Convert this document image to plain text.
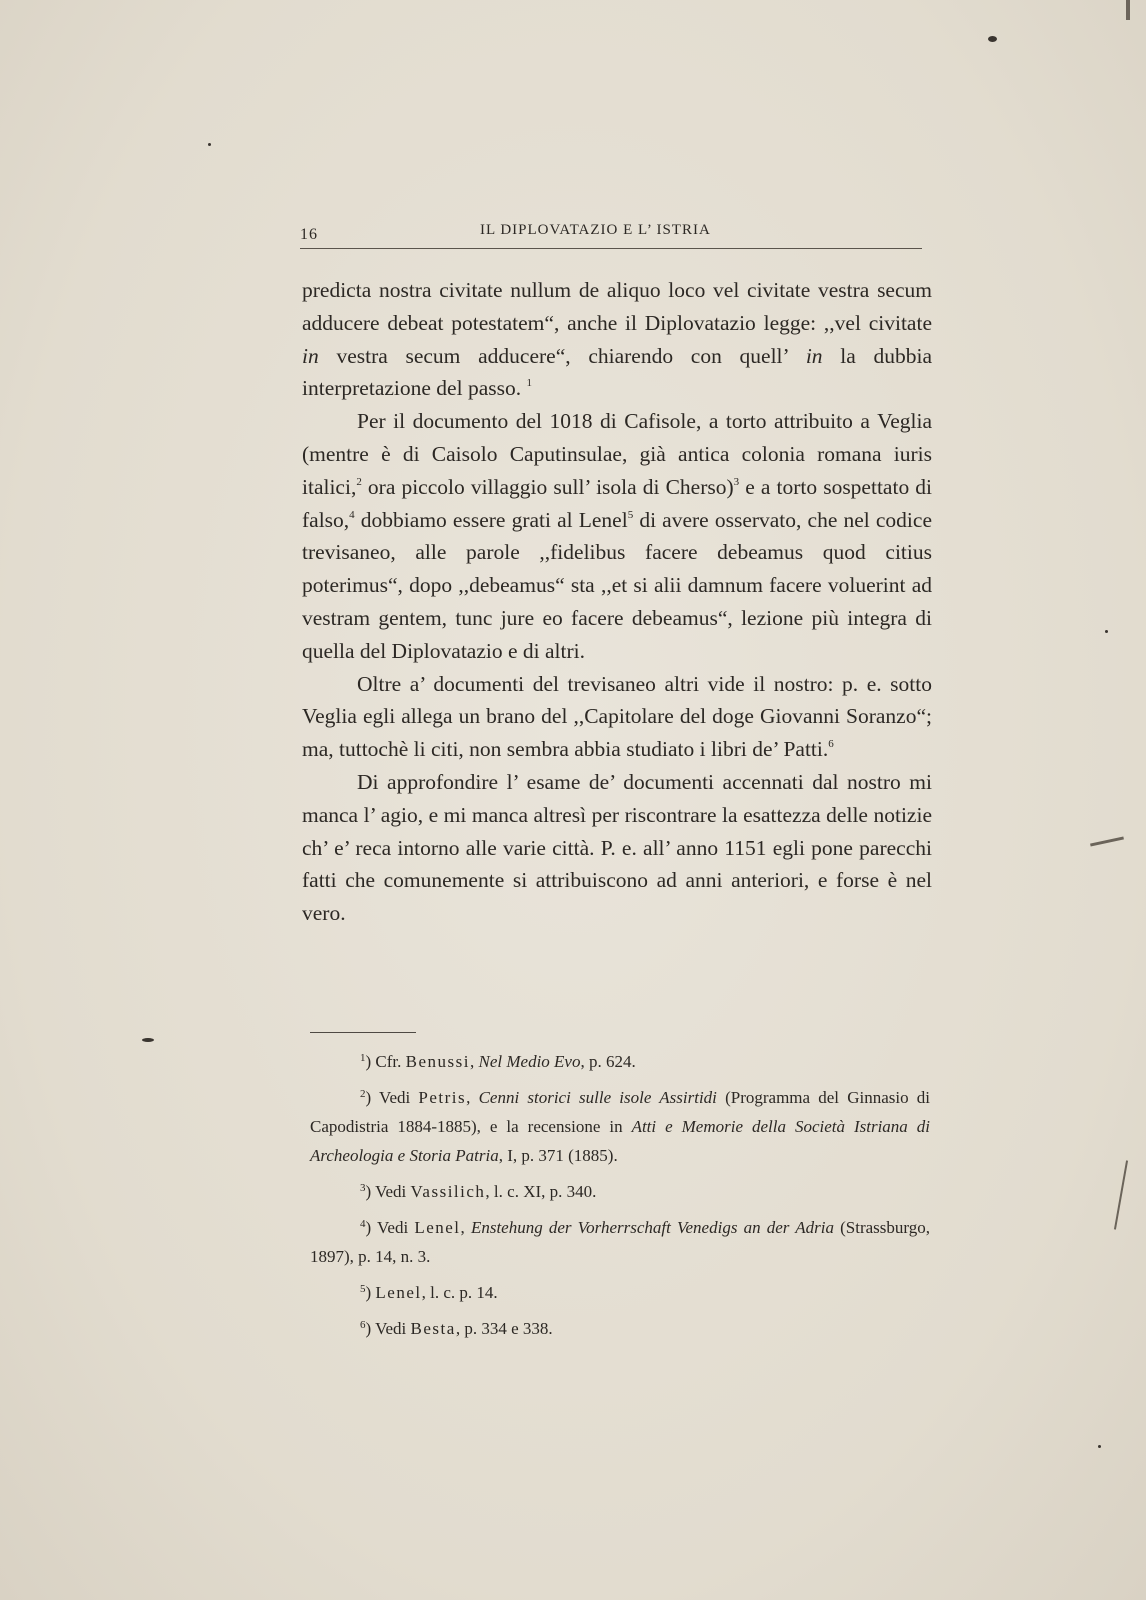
16	IL DIPLOVATAZIO E L’ ISTRIA

predicta nostra civitate nullum de aliquo loco vel civitate vestra secum adducere debeat potestatem“, anche il Diplovatazio legge: ,,vel civitate in vestra secum adducere“, chiarendo con quell’ in la dubbia interpretazione del passo. $^1$

Per il documento del 1018 di Cafisole, a torto attribuito a Veglia (mentre è di Caisolo Caputinsulae, già antica colonia romana iuris italici,$^2$ ora piccolo villaggio sull’ isola di Cherso)$^3$ e a torto sospettato di falso,$^4$ dobbiamo essere grati al Lenel$^5$ di avere osservato, che nel codice trevisaneo, alle parole ,,fidelibus facere debeamus quod citius poterimus“, dopo ,,debeamus“ sta ,,et si alii damnum facere voluerint ad vestram gentem, tunc jure eo facere debeamus“, lezione più integra di quella del Diplovatazio e di altri.

Oltre a’ documenti del trevisaneo altri vide il nostro: p. e. sotto Veglia egli allega un brano del ,,Capitolare del doge Giovanni Soranzo“; ma, tuttochè li citi, non sembra abbia studiato i libri de’ Patti.$^6$

Di approfondire l’ esame de’ documenti accennati dal nostro mi manca l’ agio, e mi manca altresì per riscontrare la esattezza delle notizie ch’ e’ reca intorno alle varie città. P. e. all’ anno 1151 egli pone parecchi fatti che comunemente si attribuiscono ad anni anteriori, e forse è nel vero.

$^1$) Cfr. Benussi, Nel Medio Evo, p. 624.

$^2$) Vedi Petris, Cenni storici sulle isole Assirtidi (Programma del Ginnasio di Capodistria 1884-1885), e la recensione in Atti e Memorie della Società Istriana di Archeologia e Storia Patria, I, p. 371 (1885).

$^3$) Vedi Vassilich, l. c. XI, p. 340.

$^4$) Vedi Lenel, Enstehung der Vorherrschaft Venedigs an der Adria (Strassburgo, 1897), p. 14, n. 3.

$^5$) Lenel, l. c. p. 14.

$^6$) Vedi Besta, p. 334 e 338.
